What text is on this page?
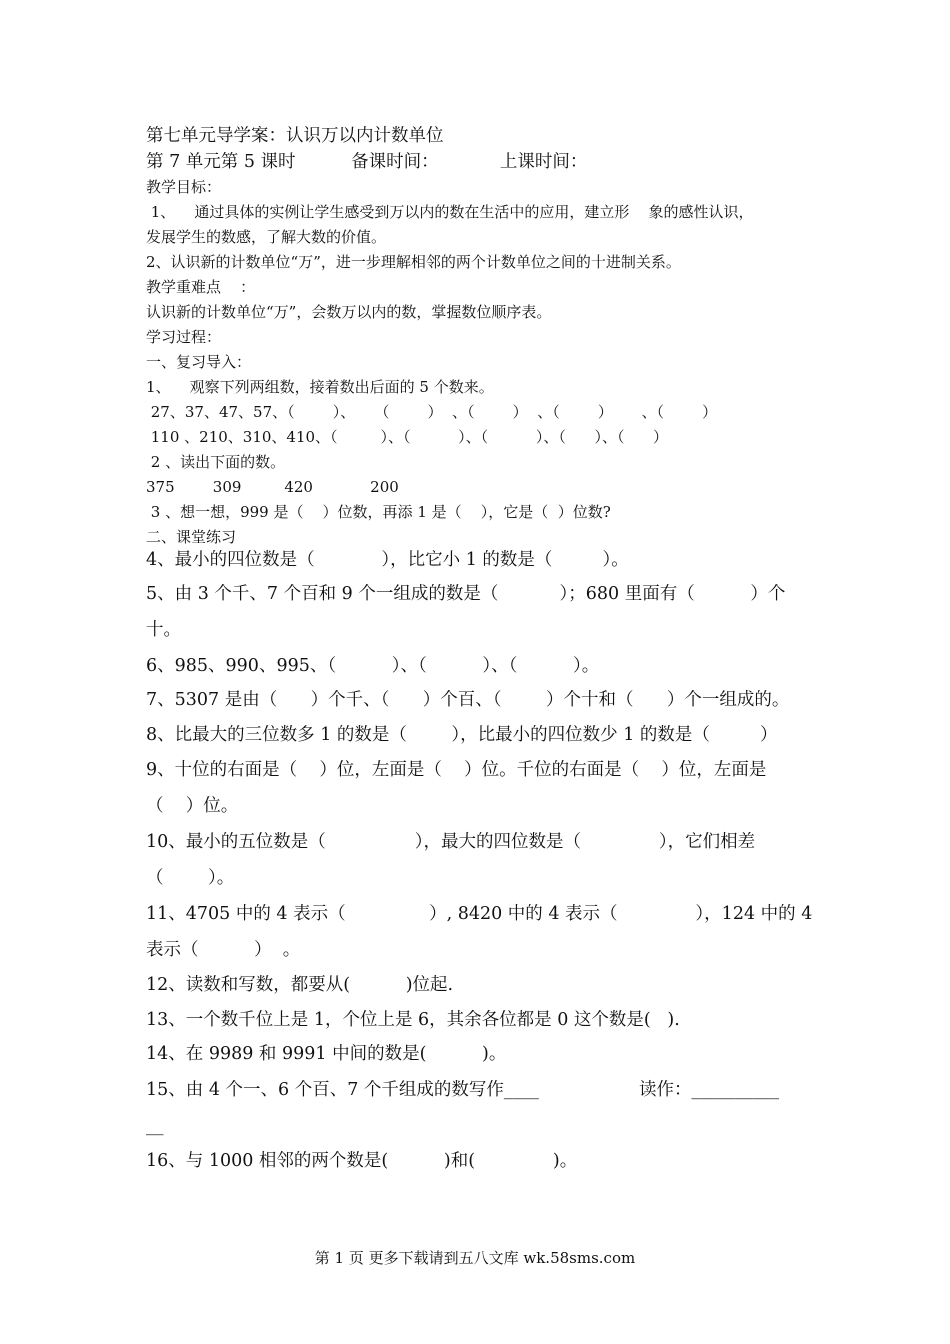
第七单元导学案：认识万以内计数单位
第 7 单元第 5 课时          备课时间：           上课时间：
教学目标：
1、    通过具体的实例让学生感受到万以内的数在生活中的应用，建立形    象的感性认识，
发展学生的数感，了解大数的价值。
2、认识新的计数单位“万”，进一步理解相邻的两个计数单位之间的十进制关系。
教学重难点    ：
认识新的计数单位“万”，会数万以内的数，掌握数位顺序表。
学习过程：
一、复习导入：
1、    观察下列两组数，接着数出后面的 5 个数来。
27、37、47、57、（        ）、    （        ）  、（        ）  、（        ）      、（        ）
110 、210、310、410、（         ）、（          ）、（          ）、（      ）、（      ）
2 、读出下面的数。
375        309         420            200
3 、想一想，999 是（    ）位数，再添 1 是（    ），它是（  ）位数?
二、课堂练习
4、最小的四位数是（            ），比它小 1 的数是（         ）。
5、由 3 个千、7 个百和 9 个一组成的数是（           ）；680 里面有（          ）个
十。
6、985、990、995、（          ）、（          ）、（          ）。
7、5307 是由（      ）个千、（      ）个百、（        ）个十和（      ）个一组成的。
8、比最大的三位数多 1 的数是（        ），比最小的四位数少 1 的数是（         ）
9、十位的右面是（    ）位，左面是（    ）位。千位的右面是（    ）位，左面是
（    ）位。
10、最小的五位数是（                ），最大的四位数是（              ），它们相差
（        ）。
11、4705 中的 4 表示（               ）, 8420 中的 4 表示（              ），124 中的 4
表示（          ）  。
12、读数和写数，都要从(          )位起.
13、一个数千位上是 1，个位上是 6，其余各位都是 0 这个数是(   ).
14、在 9989 和 9991 中间的数是(          )。
15、由 4 个一、6 个百、7 个千组成的数写作____                  读作：__________
__
16、与 1000 相邻的两个数是(          )和(              )。
第 1 页 更多下载请到五八文库 wk.58sms.com
